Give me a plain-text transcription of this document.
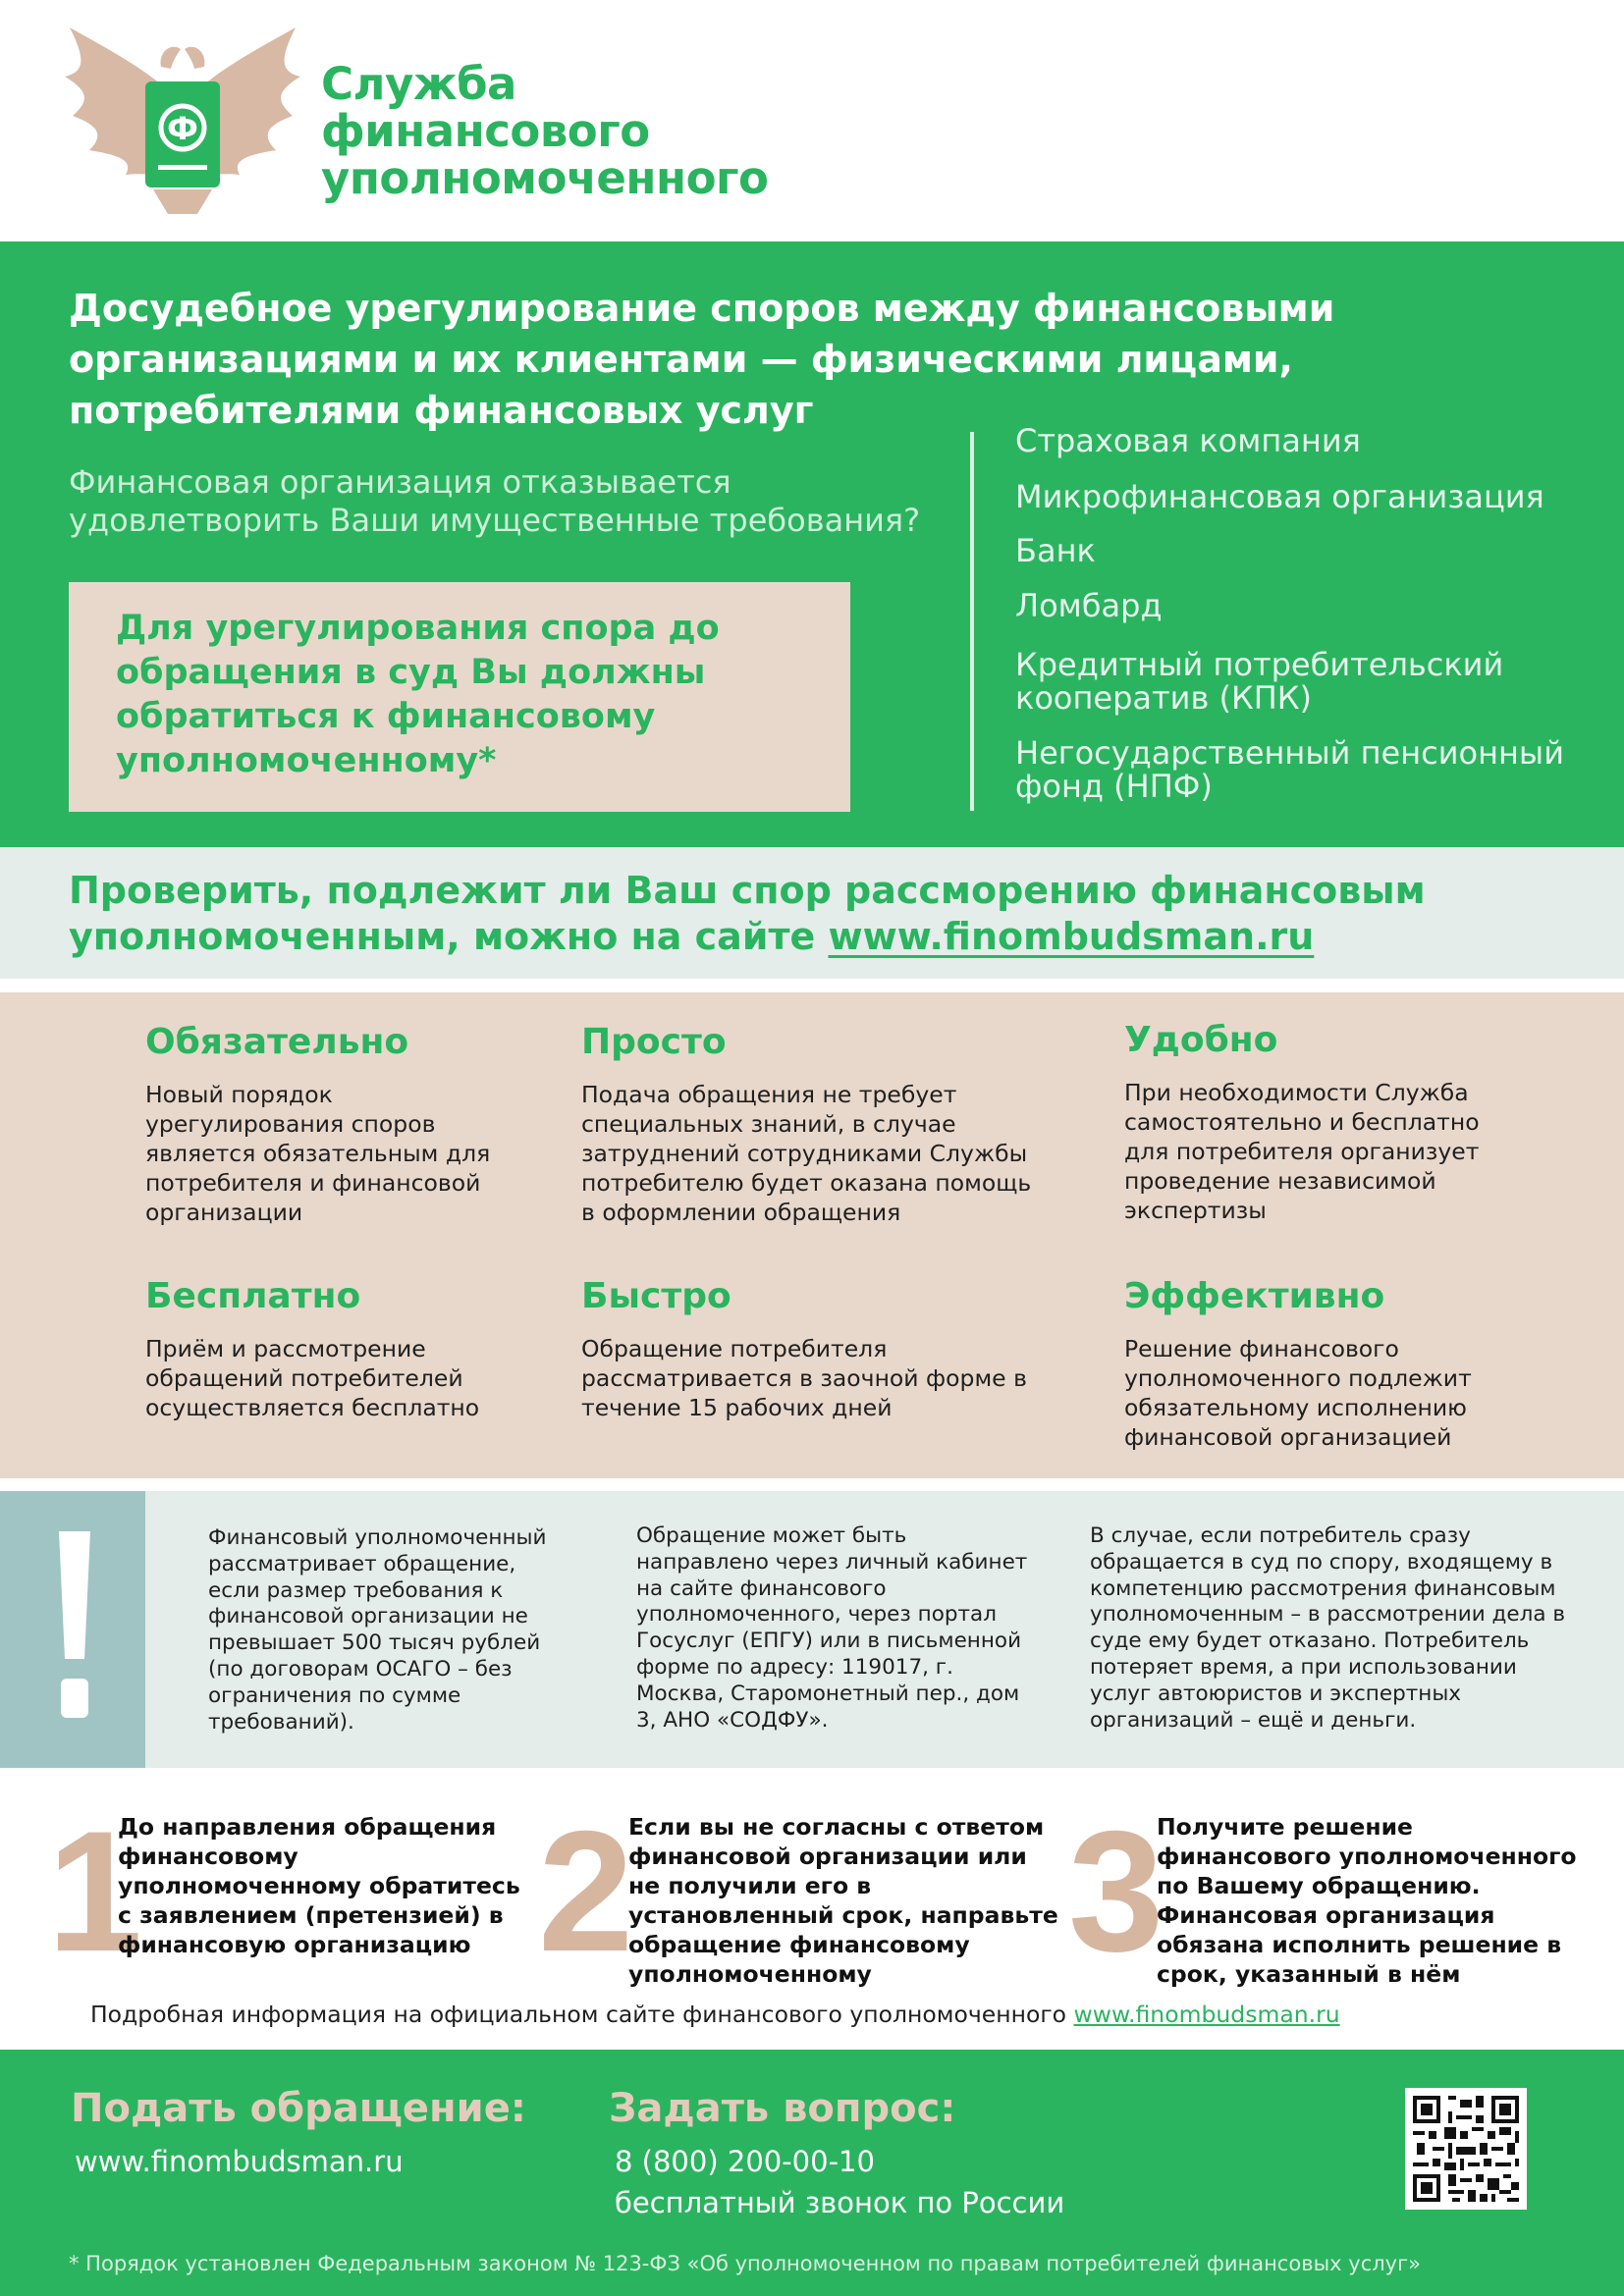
Ф
Служба
финансового
уполномоченного
Досудебное урегулирование споров между финансовыми организациями и их клиентами — физическими лицами, потребителями финансовых услуг
Финансовая организация отказывается удовлетворить Ваши имущественные требования?
Для урегулирования спора до обращения в суд Вы должны обратиться к финансовому уполномоченному*
Страховая компания
Микрофинансовая организация
Банк
Ломбард
Кредитный потребительский кооператив (КПК)
Негосударственный пенсионный фонд (НПФ)
Проверить, подлежит ли Ваш спор рассморению финансовым уполномоченным, можно на сайте www.finombudsman.ru
Обязательно
Новый порядок урегулирования споров является обязательным для потребителя и финансовой организации
Просто
Подача обращения не требует специальных знаний, в случае затруднений сотрудниками Службы потребителю будет оказана помощь в оформлении обращения
Удобно
При необходимости Служба самостоятельно и бесплатно для потребителя организует проведение независимой экспертизы
Бесплатно
Приём и рассмотрение обращений потребителей осуществляется бесплатно
Быстро
Обращение потребителя рассматривается в заочной форме в течение 15 рабочих дней
Эффективно
Решение финансового уполномоченного подлежит обязательному исполнению финансовой организацией
Финансовый уполномоченный рассматривает обращение, если размер требования к финансовой организации не превышает 500 тысяч рублей (по договорам ОСАГО – без ограничения по сумме требований).
Обращение может быть направлено через личный кабинет на сайте финансового уполномоченного, через портал Госуслуг (ЕПГУ) или в письменной форме по адресу: 119017, г. Москва, Старомонетный пер., дом 3, АНО «СОДФУ».
В случае, если потребитель сразу обращается в суд по спору, входящему в компетенцию рассмотрения финансовым уполномоченным – в рассмотрении дела в суде ему будет отказано. Потребитель потеряет время, а при использовании услуг автоюристов и экспертных организаций – ещё и деньги.
1
До направления обращения финансовому уполномоченному обратитесь с заявлением (претензией) в финансовую организацию 2
Если вы не согласны с ответом финансовой организации или не получили его в установленный срок, направьте обращение финансовому уполномоченному	3
Получите решение финансового уполномоченного по Вашему обращению. Финансовая организация обязана исполнить решение в срок, указанный в нём
Подробная информация на официальном сайте финансового уполномоченного www.finombudsman.ru
Подать обращение:
www.finombudsman.ru
Задать вопрос:
8 (800) 200-00-10
бесплатный звонок по России
* Порядок установлен Федеральным законом № 123-ФЗ «Об уполномоченном по правам потребителей финансовых услуг»
